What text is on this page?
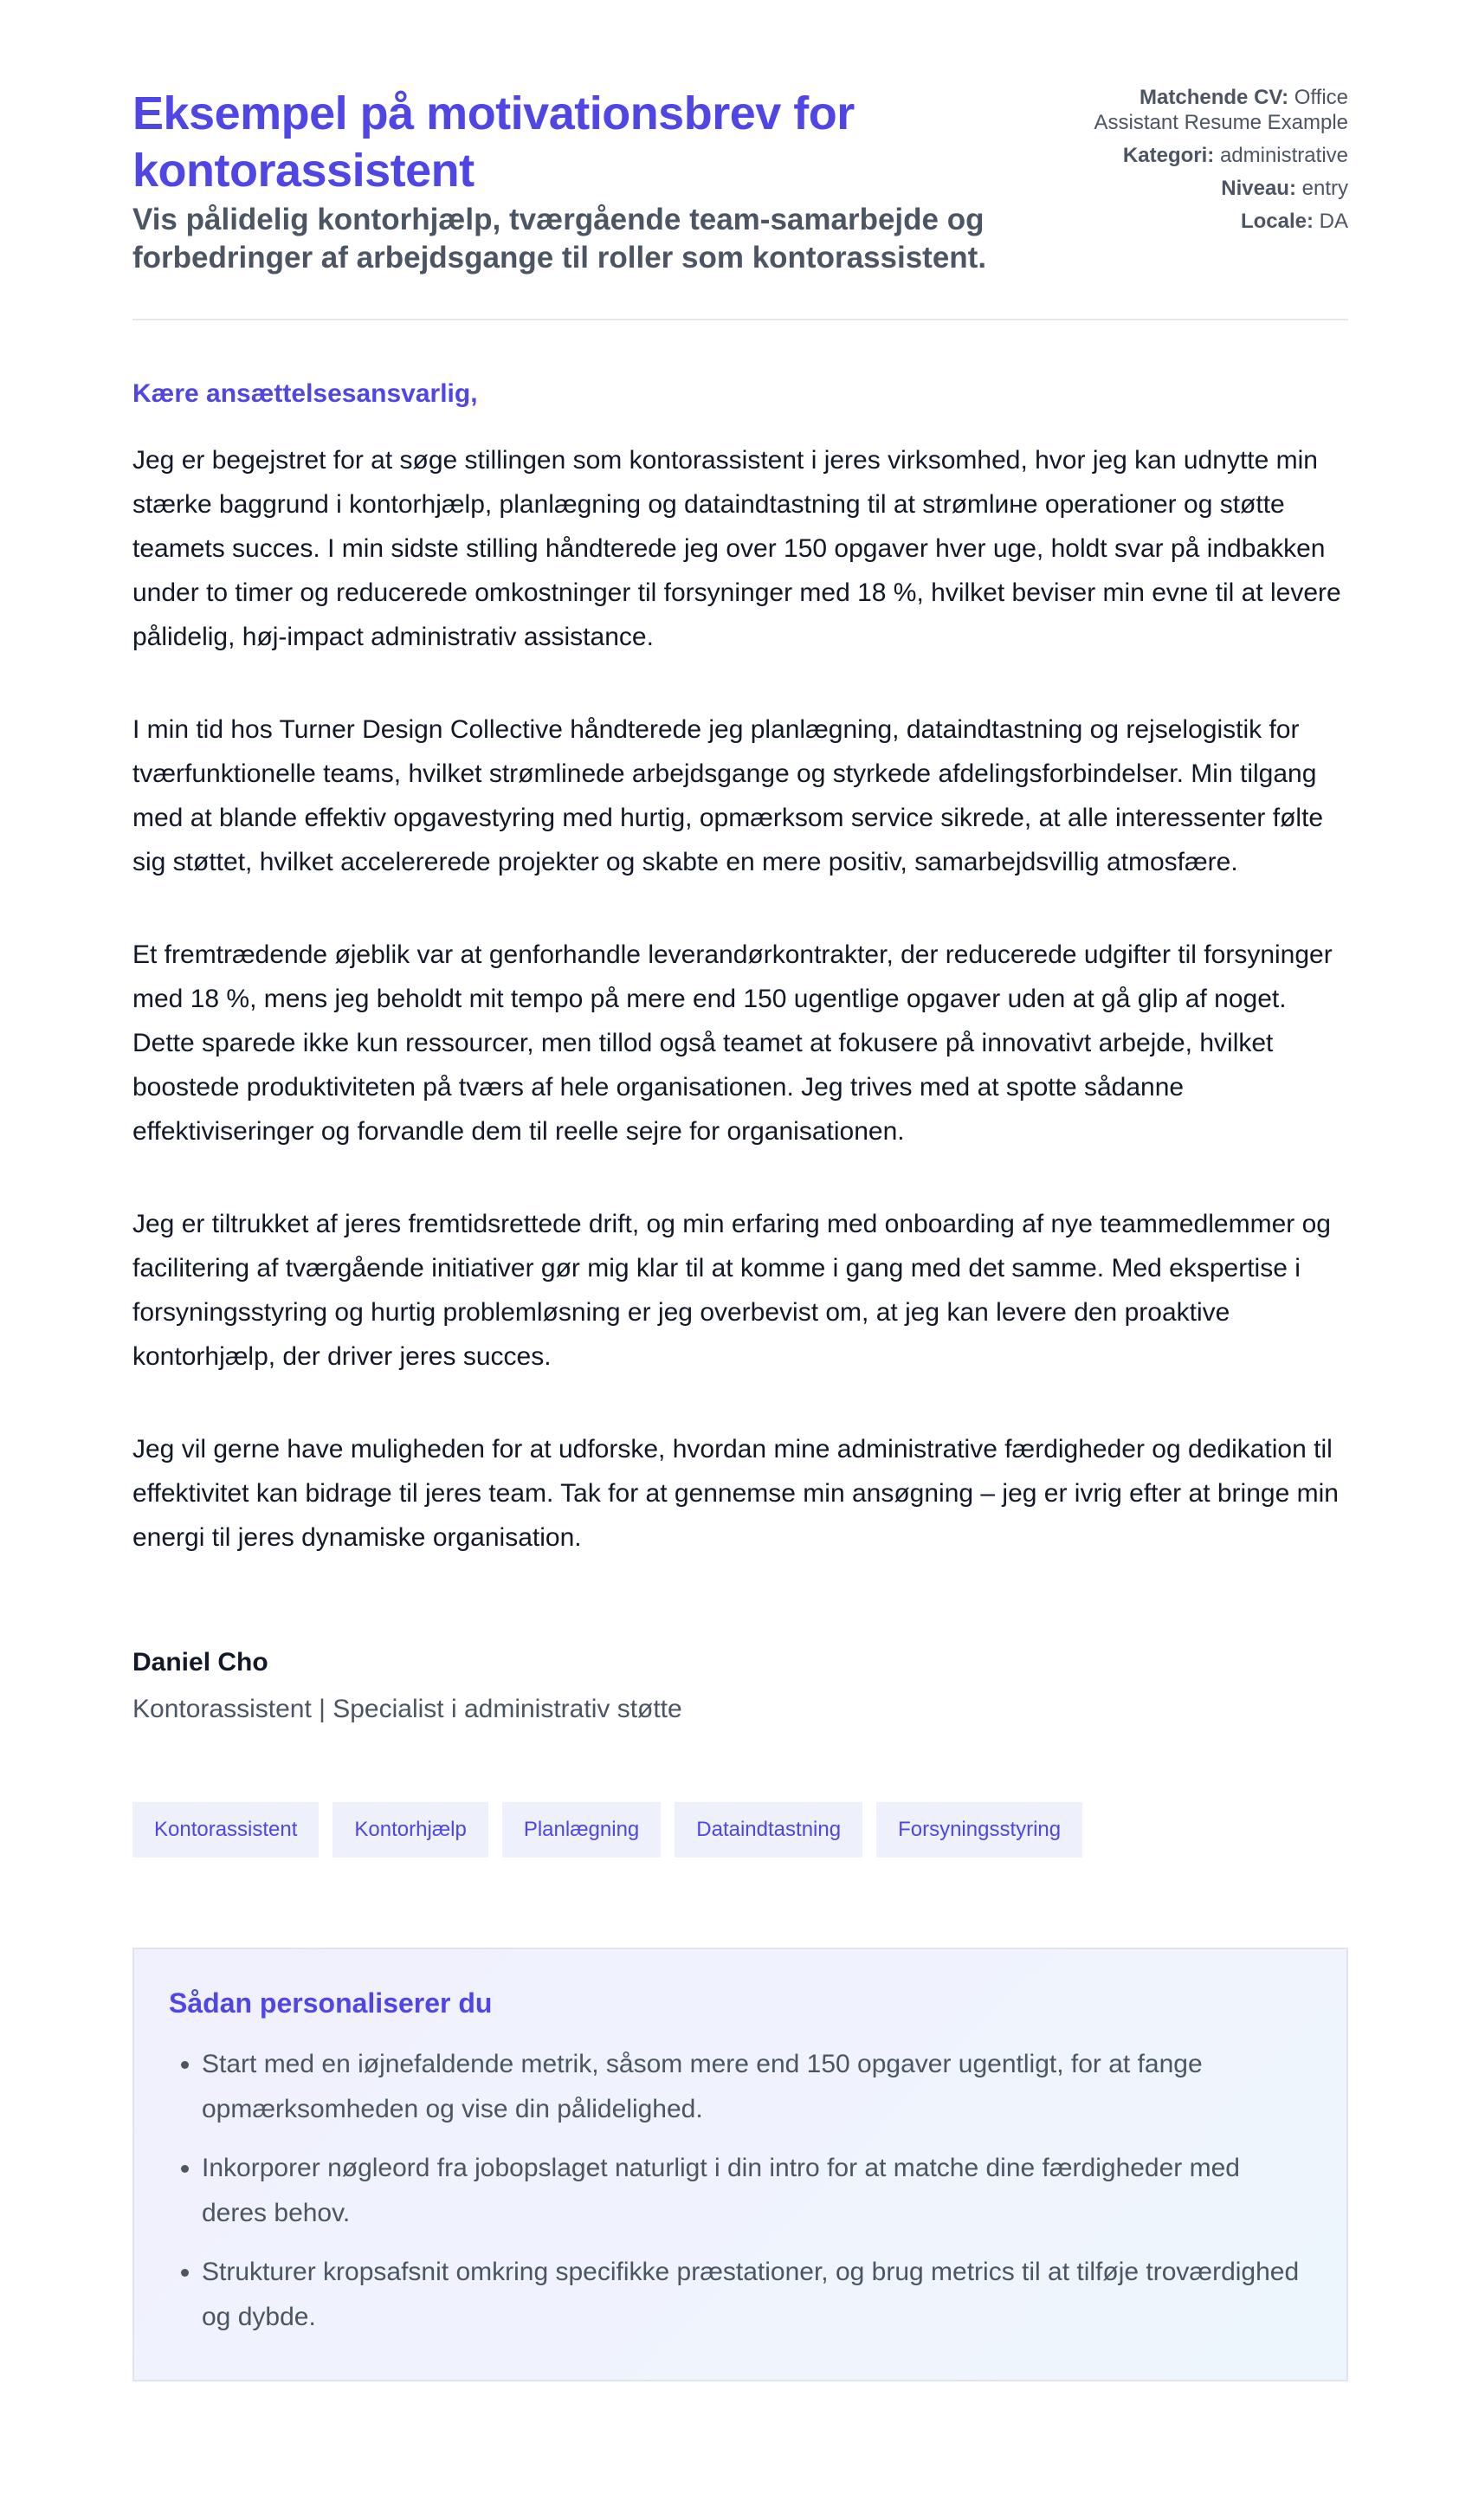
Eksempel på motivationsbrev for kontorassistent
Vis pålidelig kontorhjælp, tværgående team-samarbejde og forbedringer af arbejdsgange til roller som kontorassistent.
Matchende CV: Office Assistant Resume Example
Kategori: administrative
Niveau: entry
Locale: DA
Kære ansættelsesansvarlig,

Jeg er begejstret for at søge stillingen som kontorassistent i jeres virksomhed, hvor jeg kan udnytte min stærke baggrund i kontorhjælp, planlægning og dataindtastning til at strømlинe operationer og støtte teamets succes. I min sidste stilling håndterede jeg over 150 opgaver hver uge, holdt svar på indbakken under to timer og reducerede omkostninger til forsyninger med 18 %, hvilket beviser min evne til at levere pålidelig, høj-impact administrativ assistance.

I min tid hos Turner Design Collective håndterede jeg planlægning, dataindtastning og rejselogistik for tværfunktionelle teams, hvilket strømlinede arbejdsgange og styrkede afdelingsforbindelser. Min tilgang med at blande effektiv opgavestyring med hurtig, opmærksom service sikrede, at alle interessenter følte sig støttet, hvilket accelererede projekter og skabte en mere positiv, samarbejdsvillig atmosfære.

Et fremtrædende øjeblik var at genforhandle leverandørkontrakter, der reducerede udgifter til forsyninger med 18 %, mens jeg beholdt mit tempo på mere end 150 ugentlige opgaver uden at gå glip af noget. Dette sparede ikke kun ressourcer, men tillod også teamet at fokusere på innovativt arbejde, hvilket boostede produktiviteten på tværs af hele organisationen. Jeg trives med at spotte sådanne effektiviseringer og forvandle dem til reelle sejre for organisationen.

Jeg er tiltrukket af jeres fremtidsrettede drift, og min erfaring med onboarding af nye teammedlemmer og facilitering af tværgående initiativer gør mig klar til at komme i gang med det samme. Med ekspertise i forsyningsstyring og hurtig problemløsning er jeg overbevist om, at jeg kan levere den proaktive kontorhjælp, der driver jeres succes.

Jeg vil gerne have muligheden for at udforske, hvordan mine administrative færdigheder og dedikation til effektivitet kan bidrage til jeres team. Tak for at gennemse min ansøgning – jeg er ivrig efter at bringe min energi til jeres dynamiske organisation.

Daniel Cho
Kontorassistent | Specialist i administrativ støtte
Kontorassistent	Kontorhjælp	Planlægning	Dataindtastning	Forsyningsstyring
Sådan personaliserer du
• Start med en iøjnefaldende metrik, såsom mere end 150 opgaver ugentligt, for at fange opmærksomheden og vise din pålidelighed.
• Inkorporer nøgleord fra jobopslaget naturligt i din intro for at matche dine færdigheder med deres behov.
• Strukturer kropsafsnit omkring specifikke præstationer, og brug metrics til at tilføje troværdighed og dybde.
